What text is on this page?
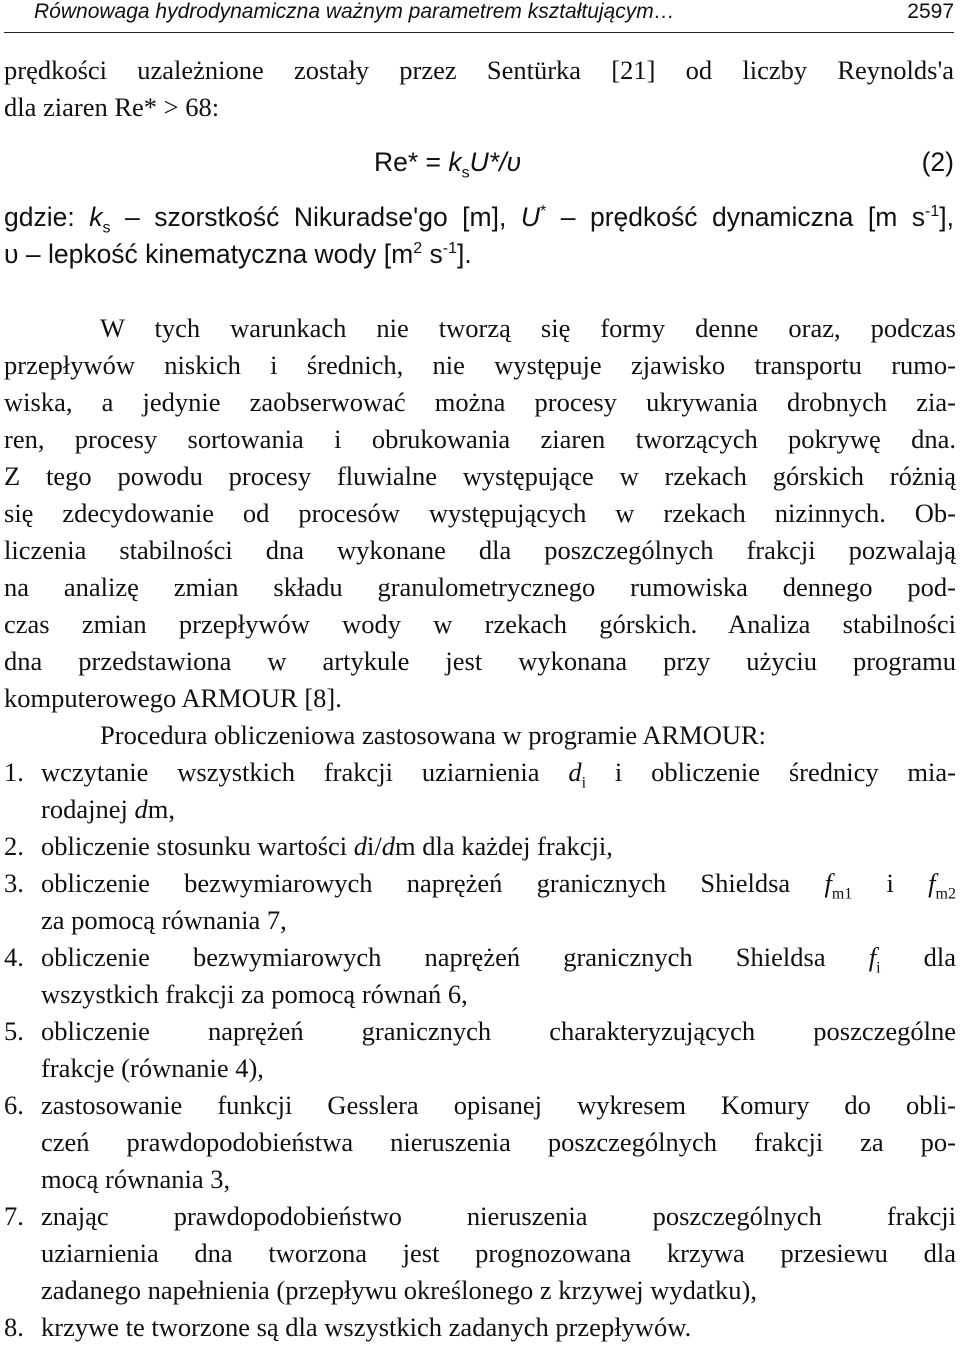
Równowaga hydrodynamiczna ważnym parametrem kształtującym…	2597
prędkości uzależnione zostały przez Sentürka [21] od liczby Reynolds'a
dla ziaren Re* > 68:
$Re* = k_sU*/\upsilon$	(2)
gdzie: $k_s$ – szorstkość Nikuradse'go [m], U* – prędkość dynamiczna [m $s^{-1}$],
υ – lepkość kinematyczna wody [$m^2$ $s^{-1}$].
W tych warunkach nie tworzą się formy denne oraz, podczas
przepływów niskich i średnich, nie występuje zjawisko transportu rumo-
wiska, a jedynie zaobserwować można procesy ukrywania drobnych zia-
ren, procesy sortowania i obrukowania ziaren tworzących pokrywę dna.
Z tego powodu procesy fluwialne występujące w rzekach górskich różnią
się zdecydowanie od procesów występujących w rzekach nizinnych. Ob-
liczenia stabilności dna wykonane dla poszczególnych frakcji pozwalają
na analizę zmian składu granulometrycznego rumowiska dennego pod-
czas zmian przepływów wody w rzekach górskich. Analiza stabilności
dna przedstawiona w artykule jest wykonana przy użyciu programu
komputerowego ARMOUR [8].
Procedura obliczeniowa zastosowana w programie ARMOUR:
1. wczytanie wszystkich frakcji uziarnienia $d_i$ i obliczenie średnicy mia-
rodajnej dm,
2. obliczenie stosunku wartości di/dm dla każdej frakcji,
3. obliczenie bezwymiarowych naprężeń granicznych Shieldsa $f_{m1}$ i $f_{m2}$
za pomocą równania 7,
4. obliczenie bezwymiarowych naprężeń granicznych Shieldsa $f_i$ dla
wszystkich frakcji za pomocą równań 6,
5. obliczenie naprężeń granicznych charakteryzujących poszczególne
frakcje (równanie 4),
6. zastosowanie funkcji Gesslera opisanej wykresem Komury do obli-
czeń prawdopodobieństwa nieruszenia poszczególnych frakcji za po-
mocą równania 3,
7. znając prawdopodobieństwo nieruszenia poszczególnych frakcji
uziarnienia dna tworzona jest prognozowana krzywa przesiewu dla
zadanego napełnienia (przepływu określonego z krzywej wydatku),
8. krzywe te tworzone są dla wszystkich zadanych przepływów.
